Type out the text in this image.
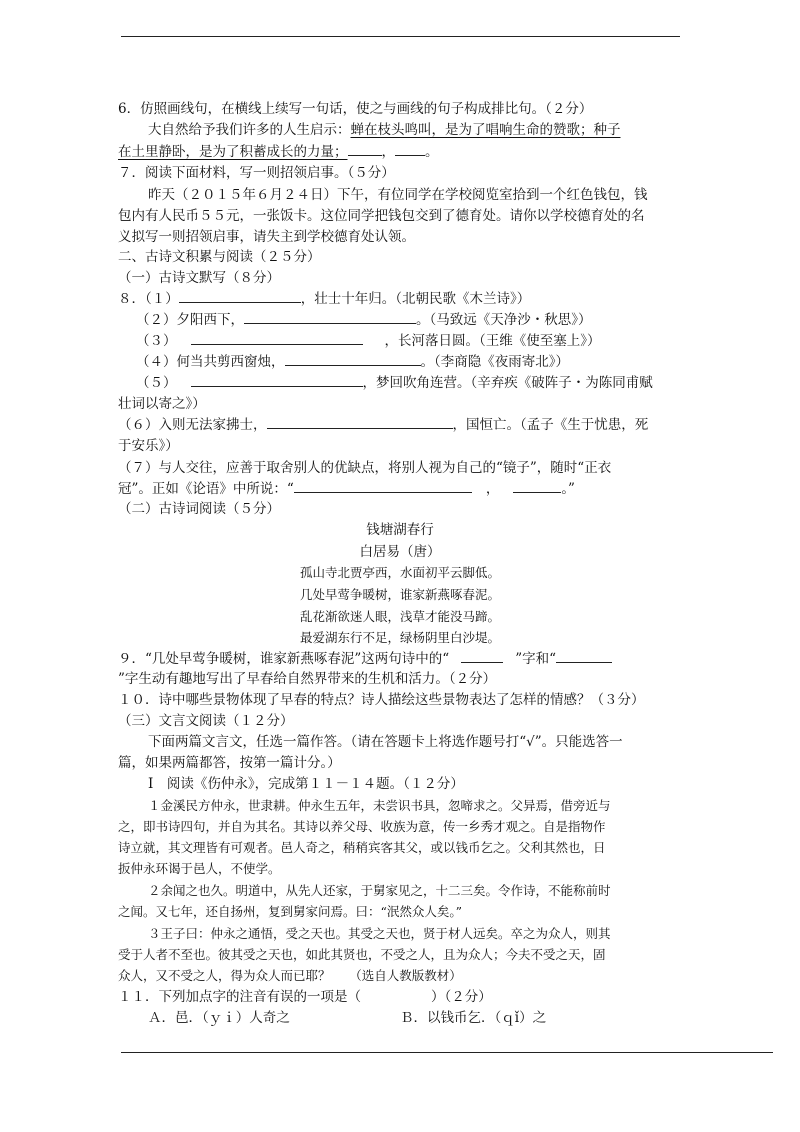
6．仿照画线句，在横线上续写一句话，使之与画线的句子构成排比句。（２分）
大自然给予我们许多的人生启示：蝉在枝头鸣叫，是为了唱响生命的赞歌；种子
在土里静卧，是为了积蓄成长的力量；	， 。
７．阅读下面材料，写一则招领启事。（５分）
昨天（２０１５年６月２４日）下午，有位同学在学校阅览室拾到一个红色钱包，钱
包内有人民币５５元，一张饭卡。这位同学把钱包交到了德育处。请你以学校德育处的名
义拟写一则招领启事，请失主到学校德育处认领。
二、古诗文积累与阅读（２５分）
（一）古诗文默写（８分）
８．（１）	，壮士十年归。（北朝民歌《木兰诗》）
（２）夕阳西下，	。（马致远《天净沙・秋思》）
（３）	，长河落日圆。（王维《使至塞上》）
（４）何当共剪西窗烛，	。（李商隐《夜雨寄北》）
（５）	，梦回吹角连营。（辛弃疾《破阵子・为陈同甫赋
壮词以寄之》）
（６）入则无法家拂士，	，国恒亡。（孟子《生于忧患，死
于安乐》）
（７）与人交往，应善于取舍别人的优缺点，将别人视为自己的“镜子”，随时“正衣
冠”。正如《论语》中所说：“	，	。”
（二）古诗词阅读（５分）
钱塘湖春行
白居易（唐）
孤山寺北贾亭西，水面初平云脚低。
几处早莺争暖树，谁家新燕啄春泥。
乱花渐欲迷人眼，浅草才能没马蹄。
最爱湖东行不足，绿杨阴里白沙堤。
９．“几处早莺争暖树，谁家新燕啄春泥”这两句诗中的“	”字和“
”字生动有趣地写出了早春给自然界带来的生机和活力。（２分）
１０．诗中哪些景物体现了早春的特点？诗人描绘这些景物表达了怎样的情感？（３分）
（三）文言文阅读（１２分）
下面两篇文言文，任选一篇作答。（请在答题卡上将选作题号打“√”。只能选答一
篇，如果两篇都答，按第一篇计分。）
Ⅰ　阅读《伤仲永》，完成第１１－１４题。（１２分）
１金溪民方仲永，世隶耕。仲永生五年，未尝识书具，忽啼求之。父异焉，借旁近与
之，即书诗四句，并自为其名。其诗以养父母、收族为意，传一乡秀才观之。自是指物作
诗立就，其文理皆有可观者。邑人奇之，稍稍宾客其父，或以钱币乞之。父利其然也，日
扳仲永环谒于邑人，不使学。
２余闻之也久。明道中，从先人还家，于舅家见之，十二三矣。令作诗，不能称前时
之闻。又七年，还自扬州，复到舅家问焉。曰：“泯然众人矣。”
３王子曰：仲永之通悟，受之天也。其受之天也，贤于材人远矣。卒之为众人，则其
受于人者不至也。彼其受之天也，如此其贤也，不受之人，且为众人；今夫不受之天，固
众人，又不受之人，得为众人而已耶？　　（选自人教版教材）
１１．下列加点字的注音有误的一项是（	）（２分）
Ａ．邑．（ｙｉ）人奇之	Ｂ．以钱币乞．（ｑǐ）之
